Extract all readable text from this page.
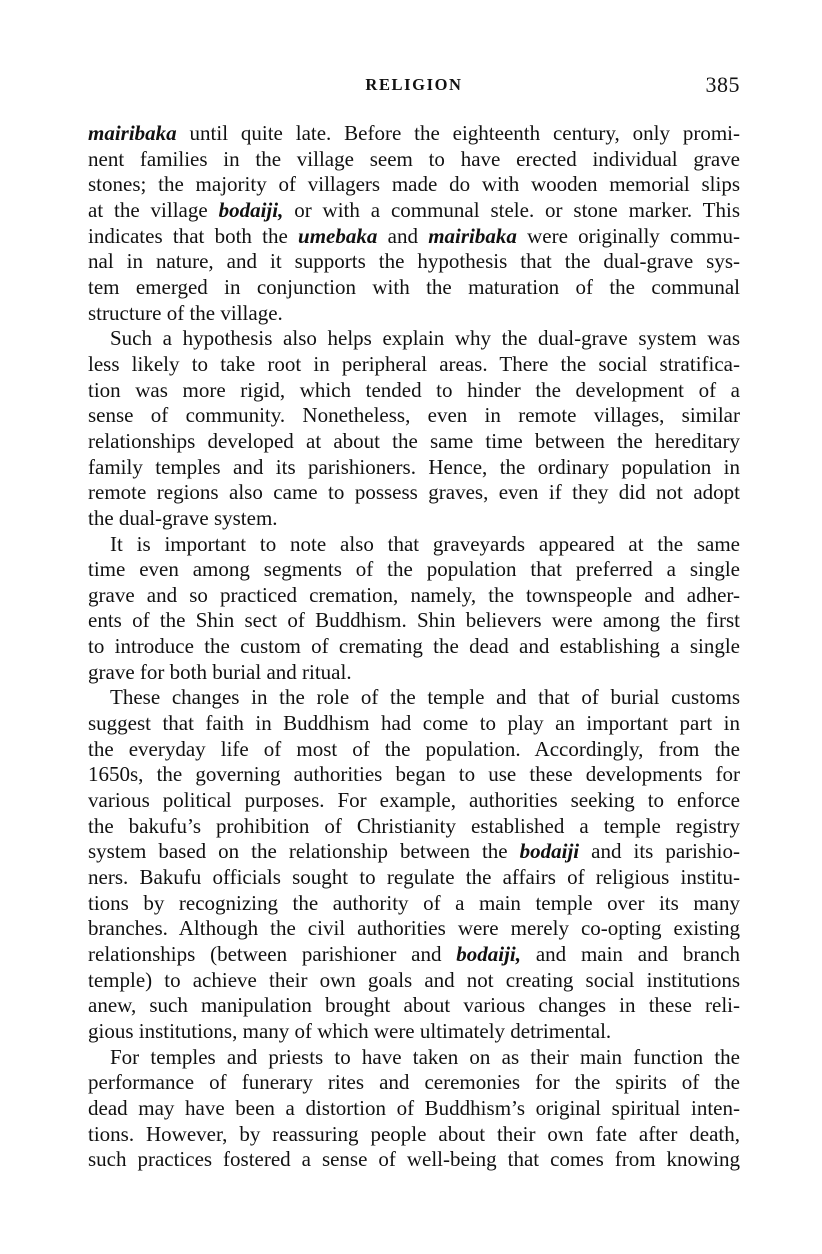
RELIGION	385
mairibaka until quite late. Before the eighteenth century, only promi-
nent families in the village seem to have erected individual grave
stones; the majority of villagers made do with wooden memorial slips
at the village bodaiji, or with a communal stele. or stone marker. This
indicates that both the umebaka and mairibaka were originally commu-
nal in nature, and it supports the hypothesis that the dual-grave sys-
tem emerged in conjunction with the maturation of the communal
structure of the village.
Such a hypothesis also helps explain why the dual-grave system was
less likely to take root in peripheral areas. There the social stratifica-
tion was more rigid, which tended to hinder the development of a
sense of community. Nonetheless, even in remote villages, similar
relationships developed at about the same time between the hereditary
family temples and its parishioners. Hence, the ordinary population in
remote regions also came to possess graves, even if they did not adopt
the dual-grave system.
It is important to note also that graveyards appeared at the same
time even among segments of the population that preferred a single
grave and so practiced cremation, namely, the townspeople and adher-
ents of the Shin sect of Buddhism. Shin believers were among the first
to introduce the custom of cremating the dead and establishing a single
grave for both burial and ritual.
These changes in the role of the temple and that of burial customs
suggest that faith in Buddhism had come to play an important part in
the everyday life of most of the population. Accordingly, from the
1650s, the governing authorities began to use these developments for
various political purposes. For example, authorities seeking to enforce
the bakufu’s prohibition of Christianity established a temple registry
system based on the relationship between the bodaiji and its parishio-
ners. Bakufu officials sought to regulate the affairs of religious institu-
tions by recognizing the authority of a main temple over its many
branches. Although the civil authorities were merely co-opting existing
relationships (between parishioner and bodaiji, and main and branch
temple) to achieve their own goals and not creating social institutions
anew, such manipulation brought about various changes in these reli-
gious institutions, many of which were ultimately detrimental.
For temples and priests to have taken on as their main function the
performance of funerary rites and ceremonies for the spirits of the
dead may have been a distortion of Buddhism’s original spiritual inten-
tions. However, by reassuring people about their own fate after death,
such practices fostered a sense of well-being that comes from knowing
